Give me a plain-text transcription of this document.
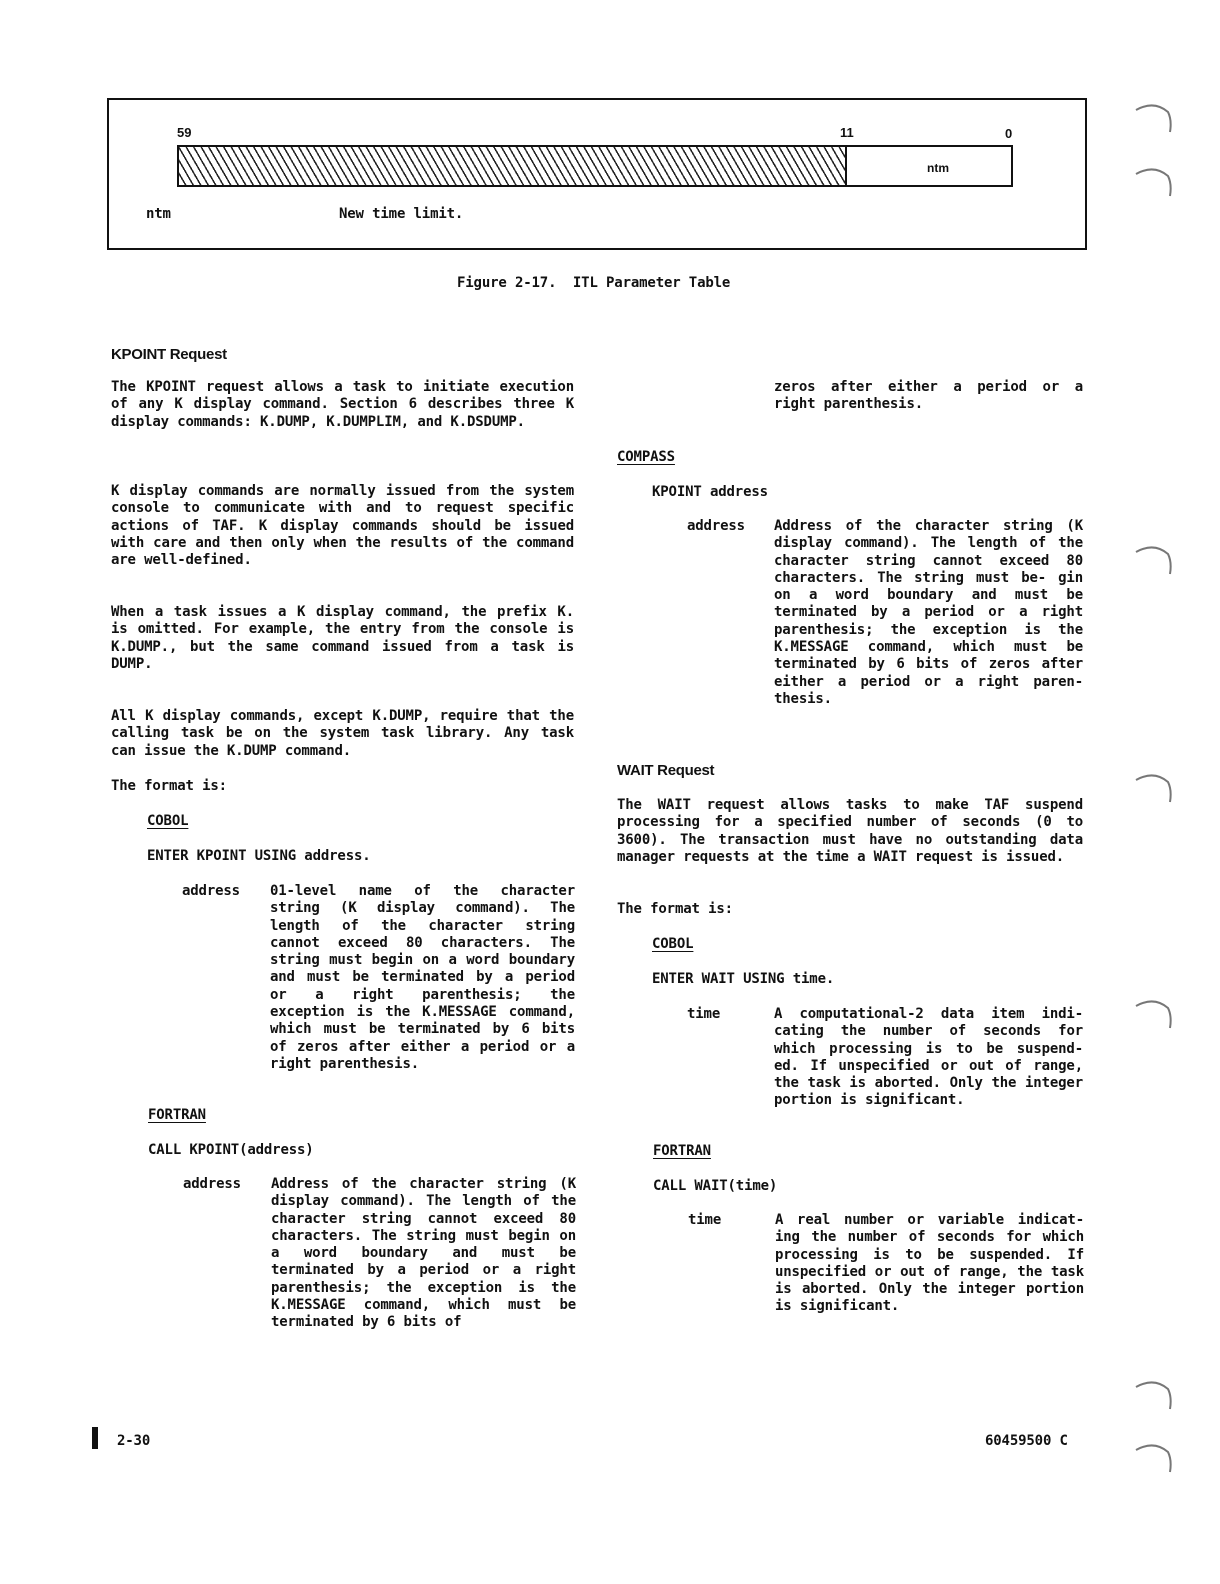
59	11	0
ntm
ntm	New time limit.
Figure 2-17.  ITL Parameter Table
KPOINT Request
The KPOINT request allows a task to initiate execution of any K display command. Section 6 describes three K display commands: K.DUMP, K.DUMPLIM, and K.DSDUMP.
K display commands are normally issued from the system console to communicate with and to request specific actions of TAF. K display commands should be issued with care and then only when the results of the command are well-defined.
When a task issues a K display command, the prefix K. is omitted. For example, the entry from the console is K.DUMP., but the same command issued from a task is DUMP.
All K display commands, except K.DUMP, require that the calling task be on the system task library. Any task can issue the K.DUMP command.
The format is:
COBOL
ENTER KPOINT USING address.
address 01-level name of the character string (K display command). The length of the character string cannot exceed 80 characters. The string must begin on a word boundary and must be terminated by a period or a right parenthesis; the exception is the K.MESSAGE command, which must be terminated by 6 bits of zeros after either a period or a right parenthesis.
FORTRAN
CALL KPOINT(address)
address Address of the character string (K display command). The length of the character string cannot exceed 80 characters. The string must begin on a word boundary and must be terminated by a period or a right parenthesis; the exception is the K.MESSAGE command, which must be terminated by 6 bits of
zeros after either a period or a right parenthesis.
COMPASS
KPOINT address
address Address of the character string (K display command). The length of the character string cannot exceed 80 characters. The string must be- gin on a word boundary and must be terminated by a period or a right parenthesis; the exception is the K.MESSAGE command, which must be terminated by 6 bits of zeros after either a period or a right paren- thesis.
WAIT Request
The WAIT request allows tasks to make TAF suspend processing for a specified number of seconds (0 to 3600). The transaction must have no outstanding data manager requests at the time a WAIT request is issued.
The format is:
COBOL
ENTER WAIT USING time.
time	A computational-2 data item indi- cating the number of seconds for which processing is to be suspend- ed. If unspecified or out of range, the task is aborted. Only the integer portion is significant.
FORTRAN
CALL WAIT(time)
time	A real number or variable indicat- ing the number of seconds for which processing is to be suspended. If unspecified or out of range, the task is aborted. Only the integer portion is significant.
2-30	60459500 C
